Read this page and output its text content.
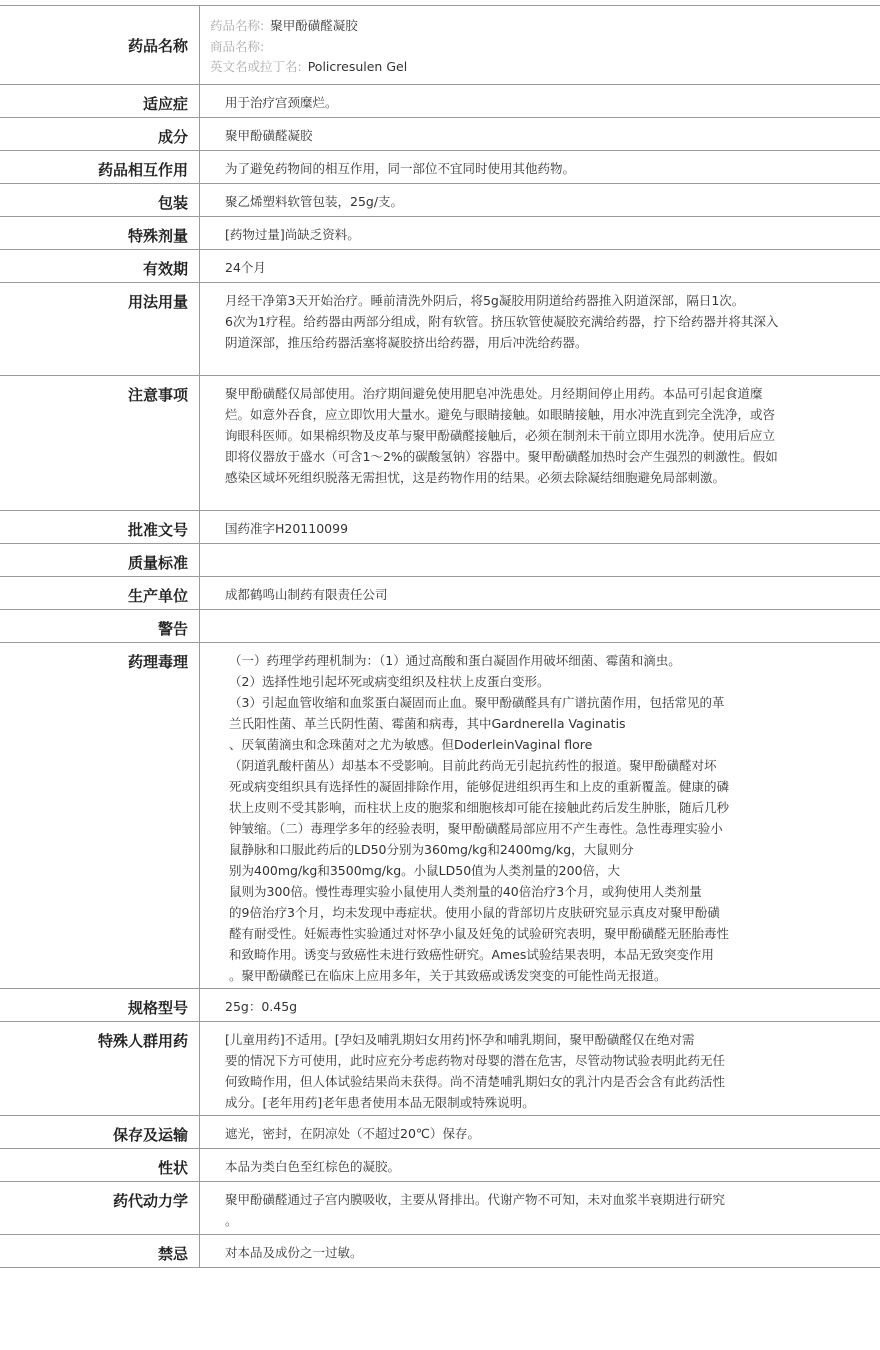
药品名称
药品名称: 聚甲酚磺醛凝胶
商品名称:
英文名或拉丁名: Policresulen Gel
适应症	用于治疗宫颈糜烂。
成分	聚甲酚磺醛凝胶
药品相互作用	为了避免药物间的相互作用，同一部位不宜同时使用其他药物。
包装	聚乙烯塑料软管包装，25g/支。
特殊剂量	[药物过量]尚缺乏资料。
有效期	24个月
用法用量	月经干净第3天开始治疗。睡前清洗外阴后，将5g凝胶用阴道给药器推入阴道深部，隔日1次。
6次为1疗程。给药器由两部分组成，附有软管。挤压软管使凝胶充满给药器，拧下给药器并将其深入阴道深部，推压给药器活塞将凝胶挤出给药器，用后冲洗给药器。
注意事项	聚甲酚磺醛仅局部使用。治疗期间避免使用肥皂冲洗患处。月经期间停止用药。本品可引起食道糜烂。如意外吞食，应立即饮用大量水。避免与眼睛接触。如眼睛接触，用水冲洗直到完全洗净，或咨询眼科医师。如果棉织物及皮革与聚甲酚磺醛接触后，必须在制剂未干前立即用水洗净。使用后应立即将仪器放于盛水（可含1～2%的碳酸氢钠）容器中。聚甲酚磺醛加热时会产生强烈的刺激性。假如感染区域坏死组织脱落无需担忧，这是药物作用的结果。必须去除凝结细胞避免局部刺激。
批准文号	国药准字H20110099
质量标准
生产单位	成都鹤鸣山制药有限责任公司
警告
药理毒理	（一）药理学药理机制为：（1）通过高酸和蛋白凝固作用破坏细菌、霉菌和滴虫。
（2）选择性地引起坏死或病变组织及柱状上皮蛋白变形。
（3）引起血管收缩和血浆蛋白凝固而止血。聚甲酚磺醛具有广谱抗菌作用，包括常见的革
兰氏阳性菌、革兰氏阴性菌、霉菌和病毒，其中Gardnerella Vaginatis
、厌氧菌滴虫和念珠菌对之尤为敏感。但DoderleinVaginal flore
（阴道乳酸杆菌丛）却基本不受影响。目前此药尚无引起抗药性的报道。聚甲酚磺醛对坏
死或病变组织具有选择性的凝固排除作用，能够促进组织再生和上皮的重新覆盖。健康的磷
状上皮则不受其影响，而柱状上皮的胞浆和细胞核却可能在接触此药后发生肿胀，随后几秒
钟皱缩。（二）毒理学多年的经验表明，聚甲酚磺醛局部应用不产生毒性。急性毒理实验小
鼠静脉和口服此药后的LD50分别为360mg/kg和2400mg/kg，大鼠则分
别为400mg/kg和3500mg/kg。小鼠LD50值为人类剂量的200倍，大
鼠则为300倍。慢性毒理实验小鼠使用人类剂量的40倍治疗3个月，或狗使用人类剂量
的9倍治疗3个月，均未发现中毒症状。使用小鼠的背部切片皮肤研究显示真皮对聚甲酚磺
醛有耐受性。妊娠毒性实验通过对怀孕小鼠及妊兔的试验研究表明，聚甲酚磺醛无胚胎毒性
和致畸作用。诱变与致癌性未进行致癌性研究。Ames试验结果表明，本品无致突变作用
。聚甲酚磺醛已在临床上应用多年，关于其致癌或诱发突变的可能性尚无报道。
规格型号	25g：0.45g
特殊人群用药	[儿童用药]不适用。[孕妇及哺乳期妇女用药]怀孕和哺乳期间，聚甲酚磺醛仅在绝对需
要的情况下方可使用，此时应充分考虑药物对母婴的潜在危害，尽管动物试验表明此药无任
何致畸作用，但人体试验结果尚未获得。尚不清楚哺乳期妇女的乳汁内是否会含有此药活性
成分。[老年用药]老年患者使用本品无限制或特殊说明。
保存及运输	遮光，密封，在阴凉处（不超过20℃）保存。
性状	本品为类白色至红棕色的凝胶。
药代动力学	聚甲酚磺醛通过子宫内膜吸收，主要从肾排出。代谢产物不可知，未对血浆半衰期进行研究
。
禁忌	对本品及成份之一过敏。
